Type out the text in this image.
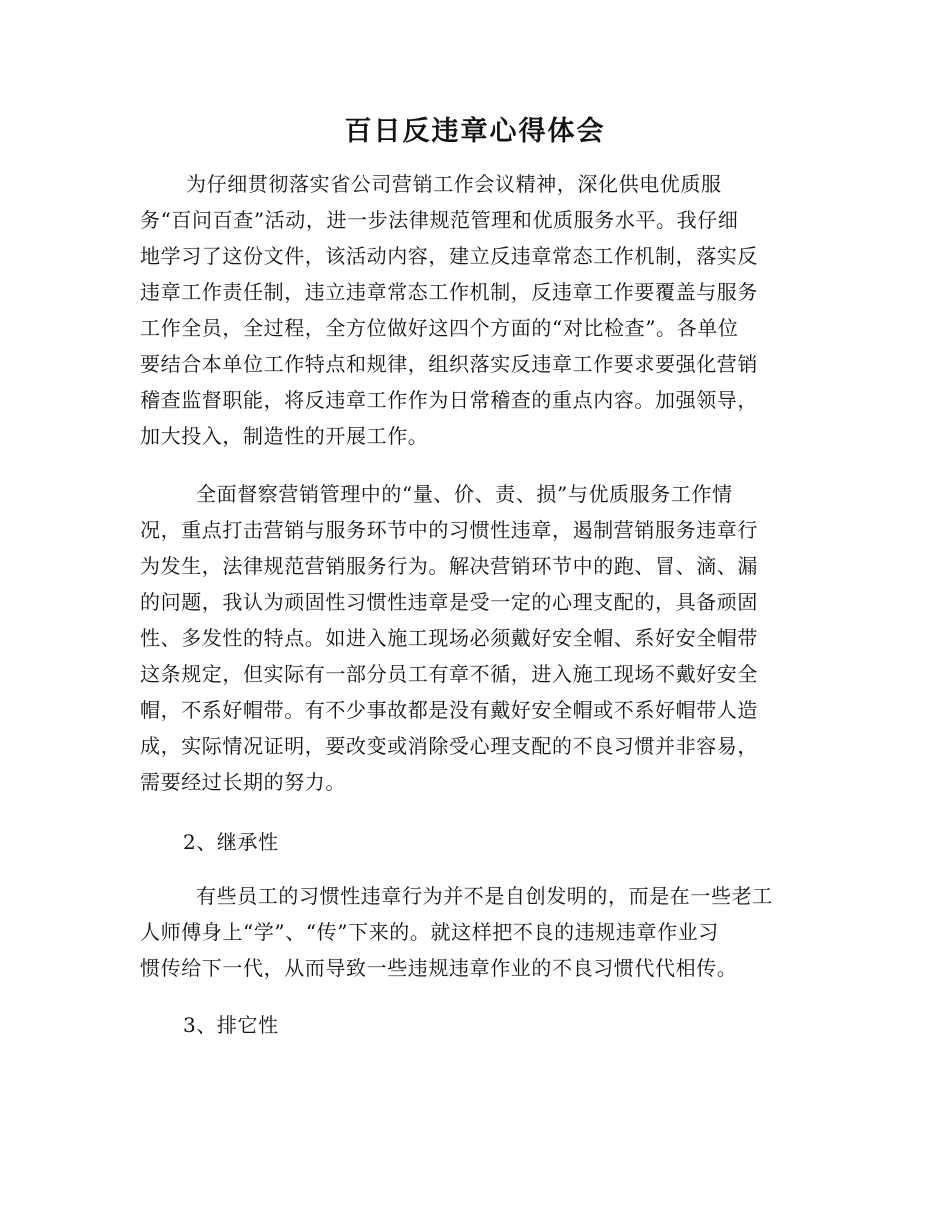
百日反违章心得体会
为仔细贯彻落实省公司营销工作会议精神，深化供电优质服
务“百问百查”活动，进一步法律规范管理和优质服务水平。我仔细
地学习了这份文件，该活动内容，建立反违章常态工作机制，落实反
违章工作责任制，违立违章常态工作机制，反违章工作要覆盖与服务
工作全员，全过程，全方位做好这四个方面的“对比检查”。各单位
要结合本单位工作特点和规律，组织落实反违章工作要求要强化营销
稽查监督职能，将反违章工作作为日常稽查的重点内容。加强领导，
加大投入，制造性的开展工作。
全面督察营销管理中的“量、价、责、损”与优质服务工作情
况，重点打击营销与服务环节中的习惯性违章，遏制营销服务违章行
为发生，法律规范营销服务行为。解决营销环节中的跑、冒、滴、漏
的问题，我认为顽固性习惯性违章是受一定的心理支配的，具备顽固
性、多发性的特点。如进入施工现场必须戴好安全帽、系好安全帽带
这条规定，但实际有一部分员工有章不循，进入施工现场不戴好安全
帽，不系好帽带。有不少事故都是没有戴好安全帽或不系好帽带人造
成，实际情况证明，要改变或消除受心理支配的不良习惯并非容易，
需要经过长期的努力。
2、继承性
有些员工的习惯性违章行为并不是自创发明的，而是在一些老工
人师傅身上“学”、“传”下来的。就这样把不良的违规违章作业习
惯传给下一代，从而导致一些违规违章作业的不良习惯代代相传。
3、排它性
